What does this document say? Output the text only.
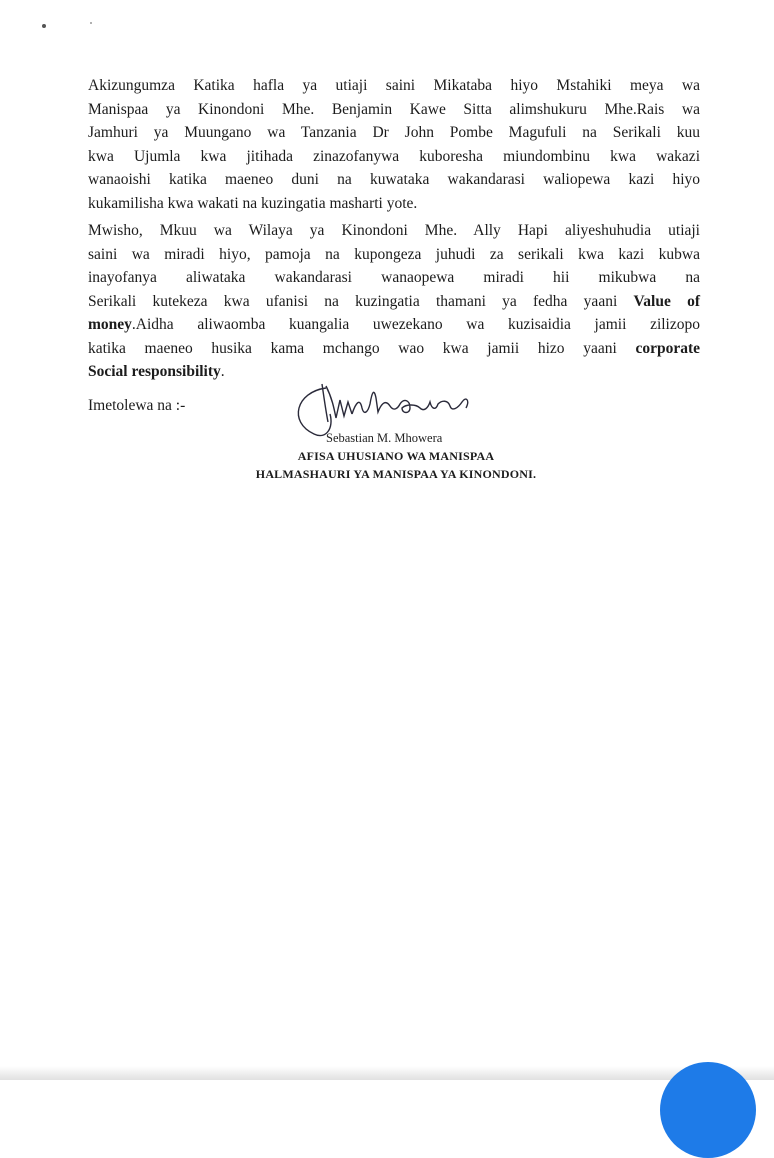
Akizungumza Katika hafla ya utiaji saini Mikataba hiyo Mstahiki meya wa
Manispaa ya Kinondoni Mhe. Benjamin Kawe Sitta alimshukuru Mhe.Rais wa
Jamhuri ya Muungano wa Tanzania Dr John Pombe Magufuli na Serikali kuu
kwa Ujumla kwa jitihada zinazofanywa kuboresha miundombinu kwa wakazi
wanaoishi katika maeneo duni na kuwataka wakandarasi waliopewa kazi hiyo
kukamilisha kwa wakati na kuzingatia masharti yote.
Mwisho, Mkuu wa Wilaya ya Kinondoni Mhe. Ally Hapi aliyeshuhudia utiaji
saini wa miradi hiyo, pamoja na kupongeza juhudi za serikali kwa kazi kubwa
inayofanya aliwataka wakandarasi wanaopewa miradi hii mikubwa na
Serikali kutekeza kwa ufanisi na kuzingatia thamani ya fedha yaani Value of
money.Aidha aliwaomba kuangalia uwezekano wa kuzisaidia jamii zilizopo
katika maeneo husika kama mchango wao kwa jamii hizo yaani corporate
Social responsibility.
Imetolewa na :-
Sebastian M. Mhowera
AFISA UHUSIANO WA MANISPAA
HALMASHAURI YA MANISPAA YA KINONDONI.
